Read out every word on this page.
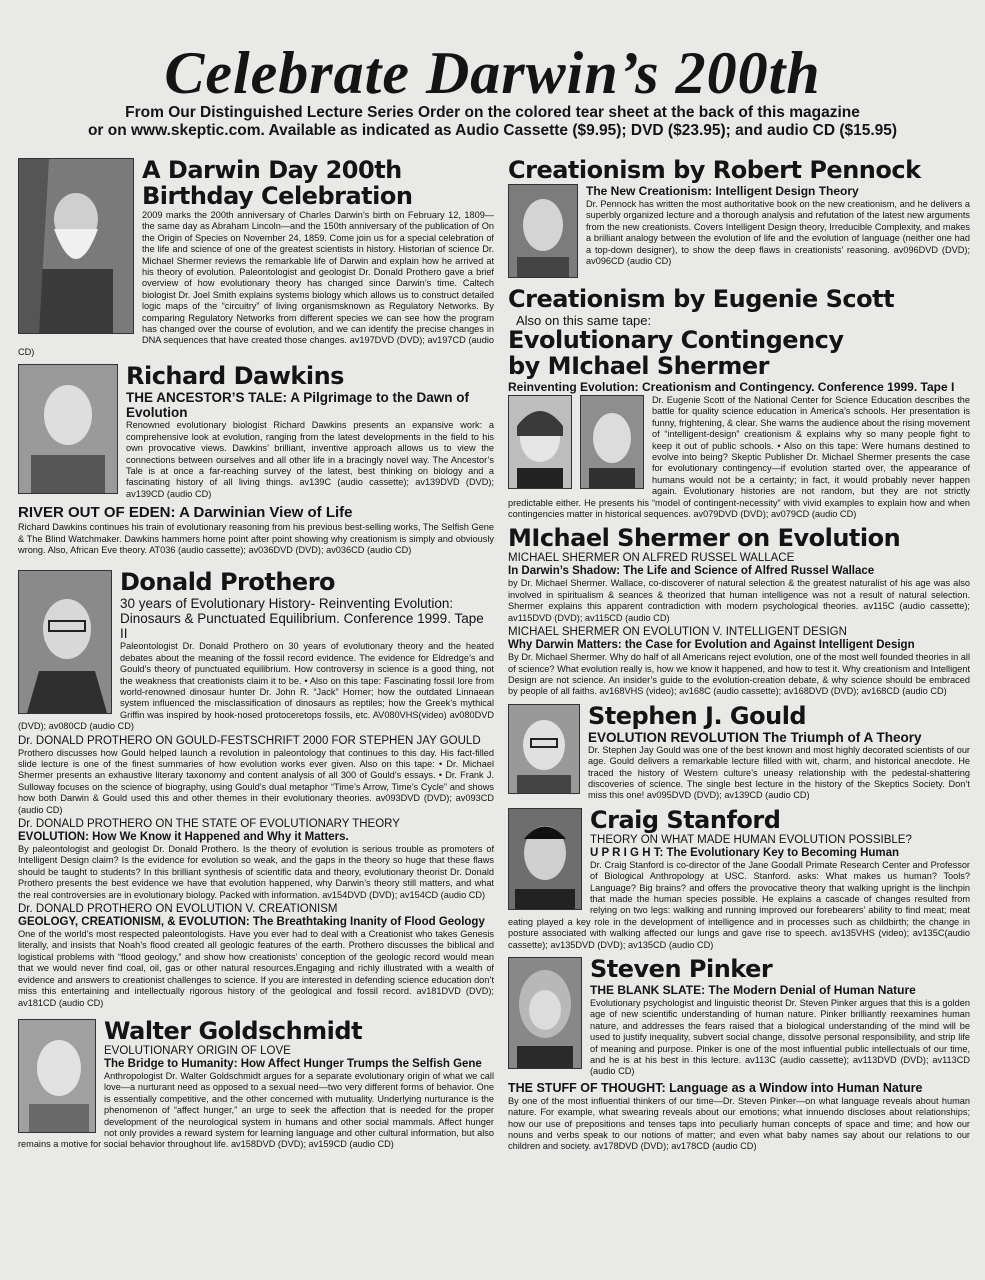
Celebrate Darwin’s 200th
From Our Distinguished Lecture Series Order on the colored tear sheet at the back of this magazine
or on www.skeptic.com. Available as indicated as Audio Cassette ($9.95); DVD ($23.95); and audio CD ($15.95)
A Darwin Day 200th
Birthday Celebration

2009 marks the 200th anniversary of Charles Darwin’s birth on February 12, 1809—the same day as Abraham Lincoln—and the 150th anniversary of the publication of On the Origin of Species on November 24, 1859. Come join us for a special celebration of the life and science of one of the greatest scientists in history. Historian of science Dr. Michael Shermer reviews the remarkable life of Darwin and explain how he arrived at his theory of evolution. Paleontologist and geologist Dr. Donald Prothero gave a brief overview of how evolutionary theory has changed since Darwin’s time. Caltech biologist Dr. Joel Smith explains systems biology which allows us to construct detailed logic maps of the “circuitry” of living organismsknown as Regulatory Networks. By comparing Regulatory Networks from different species we can see how the program has changed over the course of evolution, and we can identify the precise changes in DNA sequences that have created those changes. av197DVD (DVD); av197CD (audio CD)

Richard Dawkins
THE ANCESTOR’S TALE: A Pilgrimage to the Dawn of Evolution

Renowned evolutionary biologist Richard Dawkins presents an expansive work: a comprehensive look at evolution, ranging from the latest developments in the field to his own provocative views. Dawkins’ brilliant, inventive approach allows us to view the connections between ourselves and all other life in a bracingly novel way. The Ancestor’s Tale is at once a far-reaching survey of the latest, best thinking on biology and a fascinating history of all living things. av139C (audio cassette); av139DVD (DVD); av139CD (audio CD)

RIVER OUT OF EDEN: A Darwinian View of Life

Richard Dawkins continues his train of evolutionary reasoning from his previous best-selling works, The Selfish Gene & The Blind Watchmaker. Dawkins hammers home point after point showing why creationism is simply and obviously wrong. Also, African Eve theory. AT036 (audio cassette); av036DVD (DVD); av036CD (audio CD)

Donald Prothero
30 years of Evolutionary History- Reinventing Evolution: Dinosaurs & Punctuated Equilibrium. Conference 1999. Tape II

Paleontologist Dr. Donald Prothero on 30 years of evolutionary theory and the heated debates about the meaning of the fossil record evidence. The evidence for Eldredge’s and Gould’s theory of punctuated equilibrium. How controversy in science is a good thing, not the weakness that creationists claim it to be. • Also on this tape: Fascinating fossil lore from world-renowned dinosaur hunter Dr. John R. “Jack” Horner; how the outdated Linnaean system influenced the misclassification of dinosaurs as reptiles; how the Greek’s mythical Griffin was inspired by hook-nosed protoceretops fossils, etc. AV080VHS(video) av080DVD (DVD); av080CD (audio CD)

Dr. DONALD PROTHERO ON GOULD-FESTSCHRIFT 2000 FOR STEPHEN JAY GOULD

Prothero discusses how Gould helped launch a revolution in paleontology that continues to this day. His fact-filled slide lecture is one of the finest summaries of how evolution works ever given. Also on this tape: • Dr. Michael Shermer presents an exhaustive literary taxonomy and content analysis of all 300 of Gould’s essays. • Dr. Frank J. Sulloway focuses on the science of biography, using Gould’s dual metaphor “Time’s Arrow, Time’s Cycle” and shows how both Darwin & Gould used this and other themes in their evolutionary theories. av093DVD (DVD); av093CD (audio CD)

Dr. DONALD PROTHERO ON THE STATE OF EVOLUTIONARY THEORY

EVOLUTION: How We Know it Happened and Why it Matters.

By paleontologist and geologist Dr. Donald Prothero. Is the theory of evolution is serious trouble as promoters of Intelligent Design claim? Is the evidence for evolution so weak, and the gaps in the theory so huge that these flaws should be taught to students? In this brilliant synthesis of scientific data and theory, evolutionary theorist Dr. Donald Prothero presents the best evidence we have that evolution happened, why Darwin’s theory still matters, and what the real controversies are in evolutionary biology. Packed with information. av154DVD (DVD); av154CD (audio CD)

Dr. DONALD PROTHERO ON EVOLUTION V. CREATIONISM

GEOLOGY, CREATIONISM, & EVOLUTION: The Breathtaking Inanity of Flood Geology

One of the world’s most respected paleontologists. Have you ever had to deal with a Creationist who takes Genesis literally, and insists that Noah’s flood created all geologic features of the earth. Prothero discusses the biblical and logistical problems with “flood geology,” and show how creationists’ conception of the geologic record would mean that we would never find coal, oil, gas or other natural resources.Engaging and richly illustrated with a wealth of evidence and answers to creationist challenges to science. If you are interested in defending science education don’t miss this entertaining and intellectually rigorous history of the geological and fossil record. av181DVD (DVD); av181CD (audio CD)

Walter Goldschmidt

EVOLUTIONARY ORIGIN OF LOVE

The Bridge to Humanity: How Affect Hunger Trumps the Selfish Gene

Anthropologist Dr. Walter Goldschmidt argues for a separate evolutionary origin of what we call love—a nurturant need as opposed to a sexual need—two very different forms of behavior. One is essentially competitive, and the other concerned with mutuality. Underlying nurturance is the phenomenon of “affect hunger,” an urge to seek the affection that is needed for the proper development of the neurological system in humans and other social mammals. Affect hunger not only provides a reward system for learning language and other cultural information, but also remains a motive for social behavior throughout life. av158DVD (DVD); av159CD (audio CD)

Creationism by Robert Pennock
The New Creationism: Intelligent Design Theory

Dr. Pennock has written the most authoritative book on the new creationism, and he delivers a superbly organized lecture and a thorough analysis and refutation of the latest new arguments from the new creationists. Covers Intelligent Design theory, Irreducible Complexity, and makes a brilliant analogy between the evolution of life and the evolution of language (neither one had a top-down designer), to show the deep flaws in creationists’ reasoning. av096DVD (DVD); av096CD (audio CD)

Creationism by Eugenie Scott
Also on this same tape:
Evolutionary Contingency
by MIchael Shermer
Reinventing Evolution: Creationism and Contingency. Conference 1999. Tape I

Dr. Eugenie Scott of the National Center for Science Education describes the battle for quality science education in America’s schools. Her presentation is funny, frightening, & clear. She warns the audience about the rising movement of “intelligent-design” creationism & explains why so many people fight to keep it out of public schools. • Also on this tape: Were humans destined to evolve into being? Skeptic Publisher Dr. Michael Shermer presents the case for evolutionary contingency—if evolution started over, the appearance of humans would not be a certainty; in fact, it would probably never happen again. Evolutionary histories are not random, but they are not strictly predictable either. He presents his “model of contingent-necessity” with vivid examples to explain how and when contingencies matter in historical sequences. av079DVD (DVD); av079CD (audio CD)

MIchael Shermer on Evolution

MICHAEL SHERMER ON ALFRED RUSSEL WALLACE

In Darwin’s Shadow: The Life and Science of Alfred Russel Wallace

by Dr. Michael Shermer. Wallace, co-discoverer of natural selection & the greatest naturalist of his age was also involved in spiritualism & seances & theorized that human intelligence was not a result of natural selection. Shermer explains this apparent contradiction with modern psychological theories. av115C (audio cassette); av115DVD (DVD); av115CD (audio CD)

MICHAEL SHERMER ON EVOLUTION V. INTELLIGENT DESIGN

Why Darwin Matters: the Case for Evolution and Against Intelligent Design

By Dr. Michael Shermer. Why do half of all Americans reject evolution, one of the most well founded theories in all of science? What evolution really is, how we know it happened, and how to test it. Why creationism and Intelligent Design are not science. An insider’s guide to the evolution-creation debate, & why science should be embraced by people of all faiths. av168VHS (video); av168C (audio cassette); av168DVD (DVD); av168CD (audio CD)

Stephen J. Gould
EVOLUTION REVOLUTION The Triumph of A Theory

Dr. Stephen Jay Gould was one of the best known and most highly decorated scientists of our age. Gould delivers a remarkable lecture filled with wit, charm, and historical anecdote. He traced the history of Western culture’s uneasy relationship with the pedestal-shattering discoveries of science. The single best lecture in the history of the Skeptics Society. Don’t miss this one! av095DVD (DVD); av139CD (audio CD)

Craig Stanford

THEORY ON WHAT MADE HUMAN EVOLUTION POSSIBLE?

U P R I G H T: The Evolutionary Key to Becoming Human

Dr. Craig Stanford is co-director of the Jane Goodall Primate Research Center and Professor of Biological Anthropology at USC. Stanford. asks: What makes us human? Tools? Language? Big brains? and offers the provocative theory that walking upright is the linchpin that made the human species possible. He explains a cascade of changes resulted from relying on two legs: walking and running improved our forebearers’ ability to find meat; meat eating played a key role in the development of intelligence and in processes such as childbirth; the change in posture associated with walking affected our lungs and gave rise to speech. av135VHS (video); av135C(audio cassette); av135DVD (DVD); av135CD (audio CD)

Steven Pinker
THE BLANK SLATE: The Modern Denial of Human Nature

Evolutionary psychologist and linguistic theorist Dr. Steven Pinker argues that this is a golden age of new scientific understanding of human nature. Pinker brilliantly reexamines human nature, and addresses the fears raised that a biological understanding of the mind will be used to justify inequality, subvert social change, dissolve personal responsibility, and strip life of meaning and purpose. Pinker is one of the most influential public intellectuals of our time, and he is at his best in this lecture. av113C (audio cassette); av113DVD (DVD); av113CD (audio CD)

THE STUFF OF THOUGHT: Language as a Window into Human Nature

By one of the most influential thinkers of our time—Dr. Steven Pinker—on what language reveals about human nature. For example, what swearing reveals about our emotions; what innuendo discloses about relationships; how our use of prepositions and tenses taps into peculiarly human concepts of space and time; and how our nouns and verbs speak to our notions of matter; and even what baby names say about our relations to our children and society. av178DVD (DVD); av178CD (audio CD)
